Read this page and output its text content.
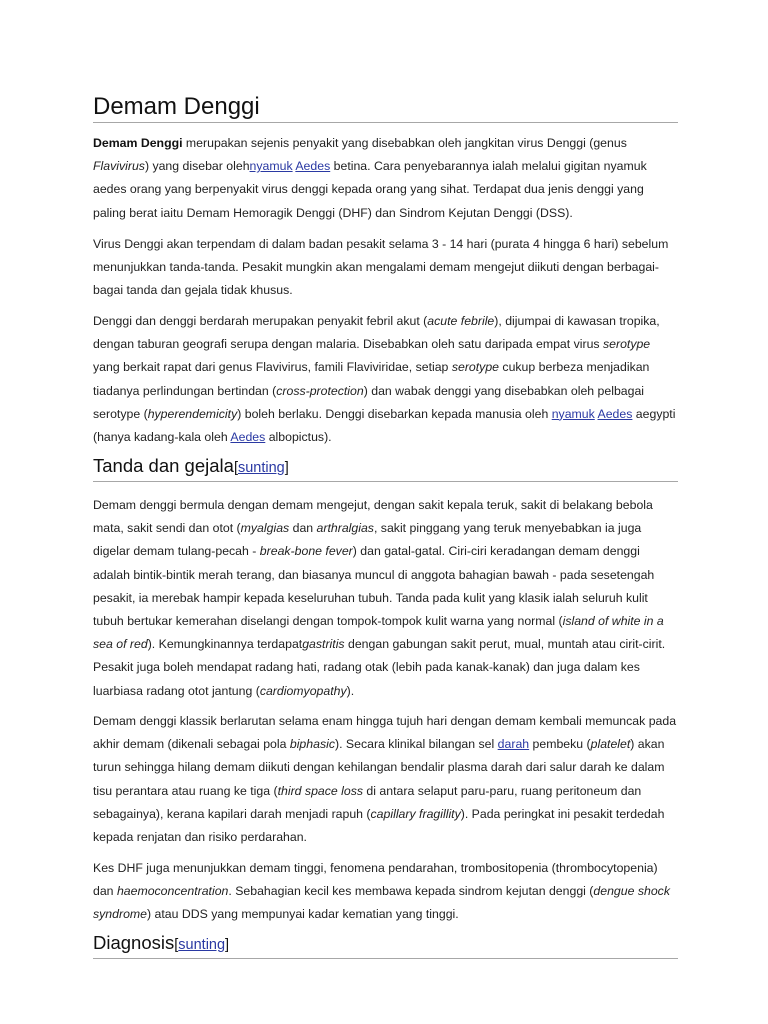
Demam Denggi

Demam Denggi merupakan sejenis penyakit yang disebabkan oleh jangkitan virus Denggi (genus Flavivirus) yang disebar olehnyamuk Aedes betina. Cara penyebarannya ialah melalui gigitan nyamuk aedes orang yang berpenyakit virus denggi kepada orang yang sihat. Terdapat dua jenis denggi yang paling berat iaitu Demam Hemoragik Denggi (DHF) dan Sindrom Kejutan Denggi (DSS).

Virus Denggi akan terpendam di dalam badan pesakit selama 3 - 14 hari (purata 4 hingga 6 hari) sebelum menunjukkan tanda-tanda. Pesakit mungkin akan mengalami demam mengejut diikuti dengan berbagai-bagai tanda dan gejala tidak khusus.

Denggi dan denggi berdarah merupakan penyakit febril akut (acute febrile), dijumpai di kawasan tropika, dengan taburan geografi serupa dengan malaria. Disebabkan oleh satu daripada empat virus serotype yang berkait rapat dari genus Flavivirus, famili Flaviviridae, setiap serotype cukup berbeza menjadikan tiadanya perlindungan bertindan (cross-protection) dan wabak denggi yang disebabkan oleh pelbagai serotype (hyperendemicity) boleh berlaku. Denggi disebarkan kepada manusia oleh nyamuk Aedes aegypti (hanya kadang-kala oleh Aedes albopictus).

Tanda dan gejala[sunting]

Demam denggi bermula dengan demam mengejut, dengan sakit kepala teruk, sakit di belakang bebola mata, sakit sendi dan otot (myalgias dan arthralgias, sakit pinggang yang teruk menyebabkan ia juga digelar demam tulang-pecah - break-bone fever) dan gatal-gatal. Ciri-ciri keradangan demam denggi adalah bintik-bintik merah terang, dan biasanya muncul di anggota bahagian bawah - pada sesetengah pesakit, ia merebak hampir kepada keseluruhan tubuh. Tanda pada kulit yang klasik ialah seluruh kulit tubuh bertukar kemerahan diselangi dengan tompok-tompok kulit warna yang normal (island of white in a sea of red). Kemungkinannya terdapatgastritis dengan gabungan sakit perut, mual, muntah atau cirit-cirit. Pesakit juga boleh mendapat radang hati, radang otak (lebih pada kanak-kanak) dan juga dalam kes luarbiasa radang otot jantung (cardiomyopathy).

Demam denggi klassik berlarutan selama enam hingga tujuh hari dengan demam kembali memuncak pada akhir demam (dikenali sebagai pola biphasic). Secara klinikal bilangan sel darah pembeku (platelet) akan turun sehingga hilang demam diikuti dengan kehilangan bendalir plasma darah dari salur darah ke dalam tisu perantara atau ruang ke tiga (third space loss di antara selaput paru-paru, ruang peritoneum dan sebagainya), kerana kapilari darah menjadi rapuh (capillary fragillity). Pada peringkat ini pesakit terdedah kepada renjatan dan risiko perdarahan.

Kes DHF juga menunjukkan demam tinggi, fenomena pendarahan, trombositopenia (thrombocytopenia) dan haemoconcentration. Sebahagian kecil kes membawa kepada sindrom kejutan denggi (dengue shock syndrome) atau DDS yang mempunyai kadar kematian yang tinggi.

Diagnosis[sunting]
